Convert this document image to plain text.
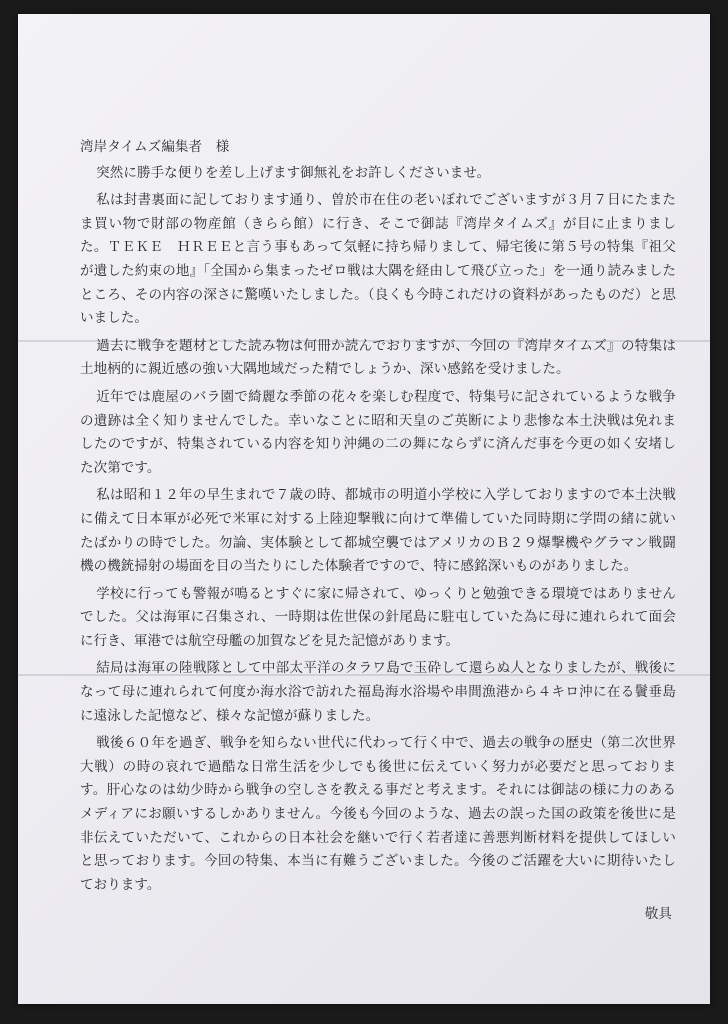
湾岸タイムズ編集者　様

突然に勝手な便りを差し上げます御無礼をお許しくださいませ。

私は封書裏面に記しております通り、曽於市在住の老いぼれでございますが３月７日にたまたま買い物で財部の物産館（きらら館）に行き、そこで御誌『湾岸タイムズ』が目に止まりました。ＴＥＫＥ　ＨＲＥＥと言う事もあって気軽に持ち帰りまして、帰宅後に第５号の特集『祖父が遺した約束の地』「全国から集まったゼロ戦は大隅を経由して飛び立った」を一通り読みましたところ、その内容の深さに驚嘆いたしました。（良くも今時これだけの資料があったものだ）と思いました。

過去に戦争を題材とした読み物は何冊か読んでおりますが、今回の『湾岸タイムズ』の特集は土地柄的に親近感の強い大隅地域だった精でしょうか、深い感銘を受けました。

近年では鹿屋のバラ園で綺麗な季節の花々を楽しむ程度で、特集号に記されているような戦争の遺跡は全く知りませんでした。幸いなことに昭和天皇のご英断により悲惨な本土決戦は免れましたのですが、特集されている内容を知り沖縄の二の舞にならずに済んだ事を今更の如く安堵した次第です。

私は昭和１２年の早生まれで７歳の時、都城市の明道小学校に入学しておりますので本土決戦に備えて日本軍が必死で米軍に対する上陸迎撃戦に向けて準備していた同時期に学問の緒に就いたばかりの時でした。勿論、実体験として都城空襲ではアメリカのＢ２９爆撃機やグラマン戦闘機の機銃掃射の場面を目の当たりにした体験者ですので、特に感銘深いものがありました。

学校に行っても警報が鳴るとすぐに家に帰されて、ゆっくりと勉強できる環境ではありませんでした。父は海軍に召集され、一時期は佐世保の針尾島に駐屯していた為に母に連れられて面会に行き、軍港では航空母艦の加賀などを見た記憶があります。

結局は海軍の陸戦隊として中部太平洋のタラワ島で玉砕して還らぬ人となりましたが、戦後になって母に連れられて何度か海水浴で訪れた福島海水浴場や串間漁港から４キロ沖に在る鬢垂島に遠泳した記憶など、様々な記憶が蘇りました。

戦後６０年を過ぎ、戦争を知らない世代に代わって行く中で、過去の戦争の歴史（第二次世界大戦）の時の哀れで過酷な日常生活を少しでも後世に伝えていく努力が必要だと思っております。肝心なのは幼少時から戦争の空しさを教える事だと考えます。それには御誌の様に力のあるメディアにお願いするしかありません。今後も今回のような、過去の誤った国の政策を後世に是非伝えていただいて、これからの日本社会を継いで行く若者達に善悪判断材料を提供してほしいと思っております。今回の特集、本当に有難うございました。今後のご活躍を大いに期待いたしております。

敬具
